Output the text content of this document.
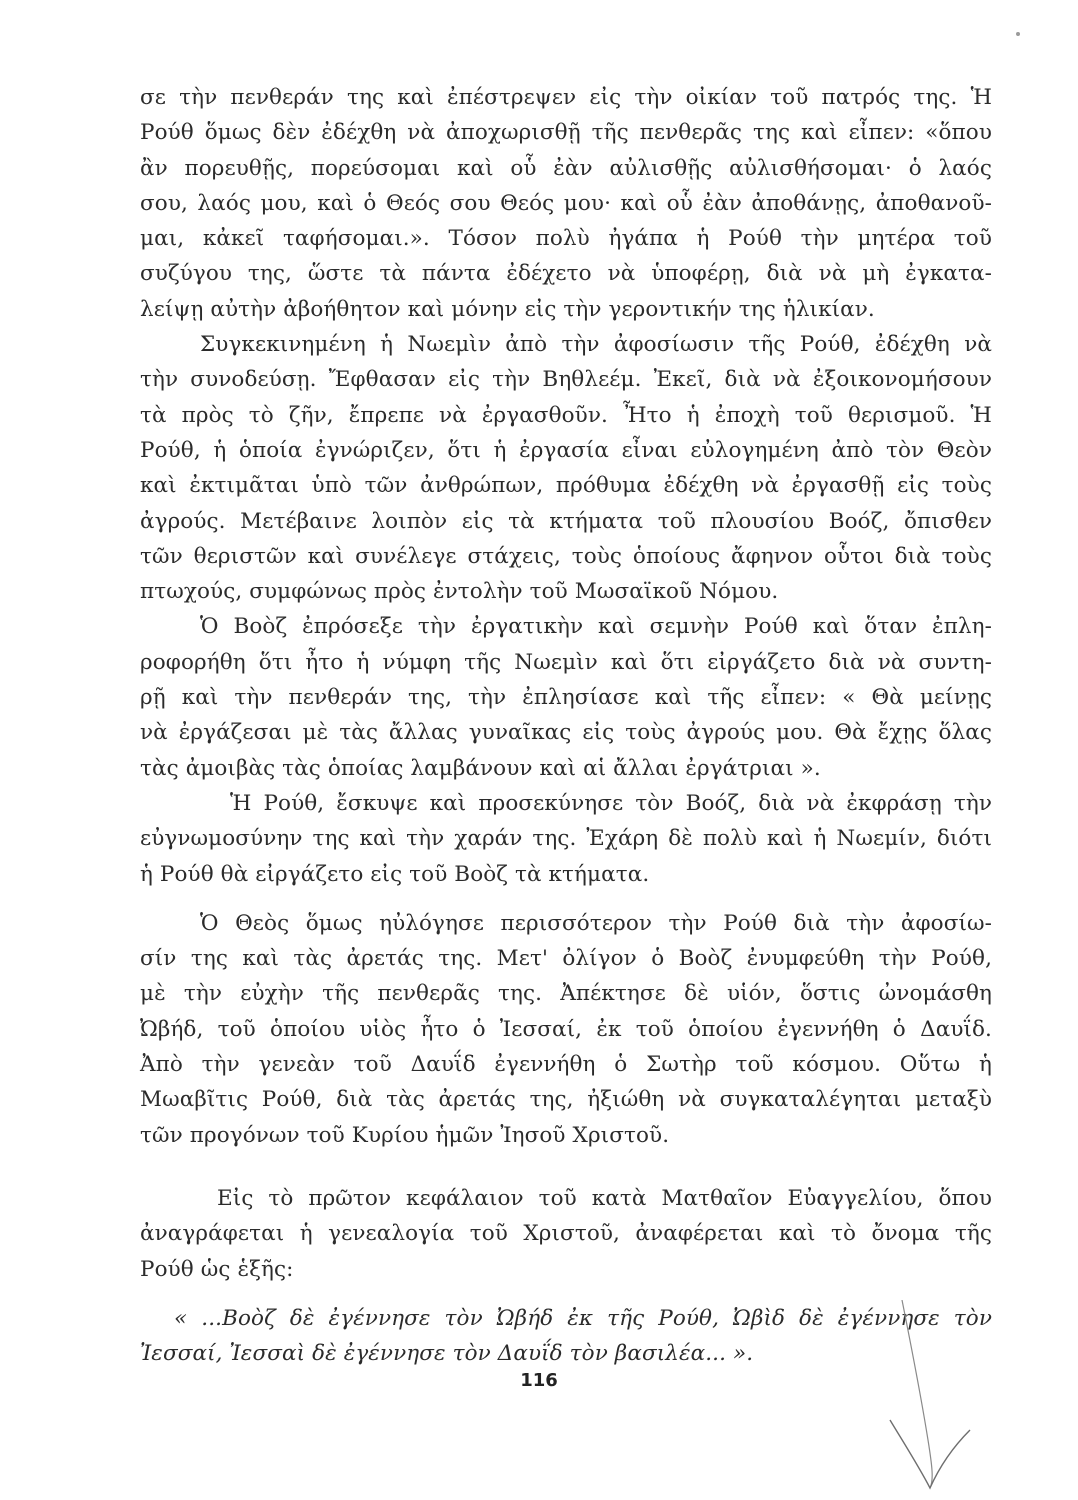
σε τὴν πενθεράν της καὶ ἐπέστρεψεν εἰς τὴν οἰκίαν τοῦ πατρός της. Ἡ
Ρούθ ὅμως δὲν ἐδέχθη νὰ ἀποχωρισθῇ τῆς πενθερᾶς της καὶ εἶπεν: «ὅπου
ἂν πορευθῇς, πορεύσομαι καὶ οὗ ἐὰν αὐλισθῇς αὐλισθήσομαι· ὁ λαός
σου, λαός μου, καὶ ὁ Θεός σου Θεός μου· καὶ οὗ ἐὰν ἀποθάνῃς, ἀποθανοῦ-
μαι, κἀκεῖ ταφήσομαι.». Τόσον πολὺ ἠγάπα ἡ Ρούθ τὴν μητέρα τοῦ
συζύγου της, ὥστε τὰ πάντα ἐδέχετο νὰ ὑποφέρῃ, διὰ νὰ μὴ ἐγκατα-
λείψῃ αὐτὴν ἀβοήθητον καὶ μόνην εἰς τὴν γεροντικήν της ἡλικίαν.
Συγκεκινημένη ἡ Νωεμὶν ἀπὸ τὴν ἀφοσίωσιν τῆς Ρούθ, ἐδέχθη νὰ
τὴν συνοδεύσῃ. Ἔφθασαν εἰς τὴν Βηθλεέμ. Ἐκεῖ, διὰ νὰ ἐξοικονομήσουν
τὰ πρὸς τὸ ζῆν, ἔπρεπε νὰ ἐργασθοῦν. Ἦτο ἡ ἐποχὴ τοῦ θερισμοῦ. Ἡ
Ρούθ, ἡ ὁποία ἐγνώριζεν, ὅτι ἡ ἐργασία εἶναι εὐλογημένη ἀπὸ τὸν Θεὸν
καὶ ἐκτιμᾶται ὑπὸ τῶν ἀνθρώπων, πρόθυμα ἐδέχθη νὰ ἐργασθῇ εἰς τοὺς
ἀγρούς. Μετέβαινε λοιπὸν εἰς τὰ κτήματα τοῦ πλουσίου Βοόζ, ὄπισθεν
τῶν θεριστῶν καὶ συνέλεγε στάχεις, τοὺς ὁποίους ἄφηνον οὗτοι διὰ τοὺς
πτωχούς, συμφώνως πρὸς ἐντολὴν τοῦ Μωσαϊκοῦ Νόμου.
Ὁ Βοὸζ ἐπρόσεξε τὴν ἐργατικὴν καὶ σεμνὴν Ρούθ καὶ ὅταν ἐπλη-
ροφορήθη ὅτι ἦτο ἡ νύμφη τῆς Νωεμὶν καὶ ὅτι εἰργάζετο διὰ νὰ συντη-
ρῇ καὶ τὴν πενθεράν της, τὴν ἐπλησίασε καὶ τῆς εἶπεν: « Θὰ μείνῃς
νὰ ἐργάζεσαι μὲ τὰς ἄλλας γυναῖκας εἰς τοὺς ἀγρούς μου. Θὰ ἔχῃς ὅλας
τὰς ἀμοιβὰς τὰς ὁποίας λαμβάνουν καὶ αἱ ἄλλαι ἐργάτριαι ».
Ἡ Ρούθ, ἔσκυψε καὶ προσεκύνησε τὸν Βοόζ, διὰ νὰ ἐκφράσῃ τὴν
εὐγνωμοσύνην της καὶ τὴν χαράν της. Ἐχάρη δὲ πολὺ καὶ ἡ Νωεμίν, διότι
ἡ Ρούθ θὰ εἰργάζετο εἰς τοῦ Βοὸζ τὰ κτήματα.
Ὁ Θεὸς ὅμως ηὐλόγησε περισσότερον τὴν Ρούθ διὰ τὴν ἀφοσίω-
σίν της καὶ τὰς ἀρετάς της. Μετ' ὀλίγον ὁ Βοὸζ ἐνυμφεύθη τὴν Ρούθ,
μὲ τὴν εὐχὴν τῆς πενθερᾶς της. Ἀπέκτησε δὲ υἱόν, ὅστις ὠνομάσθη
Ὠβήδ, τοῦ ὁποίου υἱὸς ἦτο ὁ Ἰεσσαί, ἐκ τοῦ ὁποίου ἐγεννήθη ὁ Δαυΐδ.
Ἀπὸ τὴν γενεὰν τοῦ Δαυΐδ ἐγεννήθη ὁ Σωτὴρ τοῦ κόσμου. Οὕτω ἡ
Μωαβῖτις Ρούθ, διὰ τὰς ἀρετάς της, ἠξιώθη νὰ συγκαταλέγηται μεταξὺ
τῶν προγόνων τοῦ Κυρίου ἡμῶν Ἰησοῦ Χριστοῦ.
Εἰς τὸ πρῶτον κεφάλαιον τοῦ κατὰ Ματθαῖον Εὐαγγελίου, ὅπου
ἀναγράφεται ἡ γενεαλογία τοῦ Χριστοῦ, ἀναφέρεται καὶ τὸ ὄνομα τῆς
Ρούθ ὡς ἑξῆς:
« ...Βοὸζ δὲ ἐγέννησε τὸν Ὠβήδ ἐκ τῆς Ρούθ, Ὠβὶδ δὲ ἐγέννησε τὸν
Ἰεσσαί, Ἰεσσαὶ δὲ ἐγέννησε τὸν Δαυΐδ τὸν βασιλέα... ».
116
